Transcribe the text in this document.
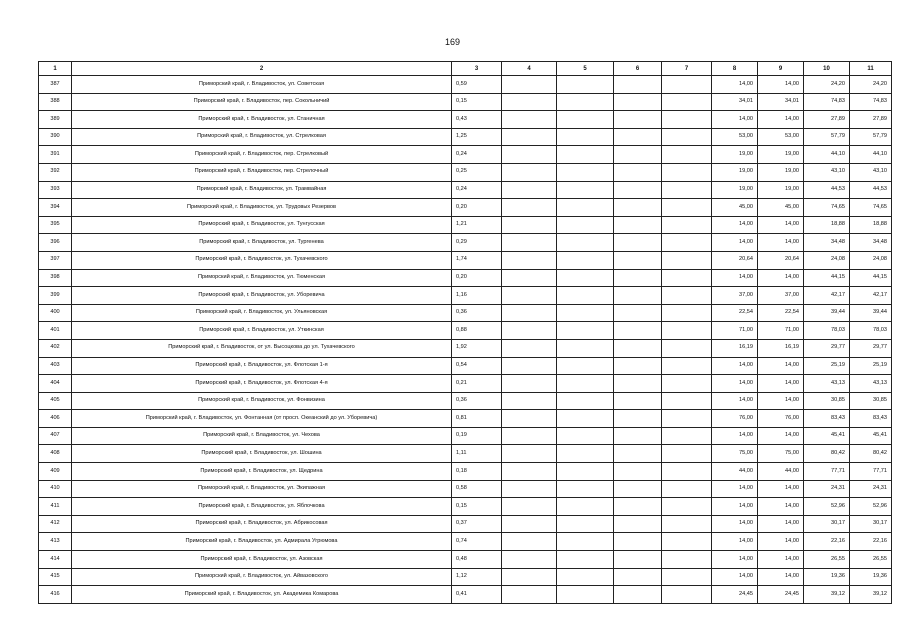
169
1	2	3	4	5	6	7	8	9	10	11
387	Приморский край, г. Владивосток, ул. Советская	0,59					14,00	14,00	24,20	24,20
388	Приморский край, г. Владивосток, пер. Сокольничий	0,15					34,01	34,01	74,83	74,83
389	Приморский край, г. Владивосток, ул. Станичная	0,43					14,00	14,00	27,89	27,89
390	Приморский край, г. Владивосток, ул. Стрелковая	1,25					53,00	53,00	57,79	57,79
391	Приморский край, г. Владивосток, пер. Стрелковый	0,24					19,00	19,00	44,10	44,10
392	Приморский край, г. Владивосток, пер. Стрелочный	0,25					19,00	19,00	43,10	43,10
393	Приморский край, г. Владивосток, ул. Трамвайная	0,24					19,00	19,00	44,53	44,53
394	Приморский край, г. Владивосток, ул. Трудовых Резервов	0,20					45,00	45,00	74,65	74,65
395	Приморский край, г. Владивосток, ул. Тунгусская	1,21					14,00	14,00	18,88	18,88
396	Приморский край, г. Владивосток, ул. Тургенева	0,29					14,00	14,00	34,48	34,48
397	Приморский край, г. Владивосток, ул. Тухачевского	1,74					20,64	20,64	24,08	24,08
398	Приморский край, г. Владивосток, ул. Тюменская	0,20					14,00	14,00	44,15	44,15
399	Приморский край, г. Владивосток, ул. Уборевича	1,16					37,00	37,00	42,17	42,17
400	Приморский край, г. Владивосток, ул. Ульяновская	0,36					22,54	22,54	39,44	39,44
401	Приморский край, г. Владивосток, ул. Уткинская	0,88					71,00	71,00	78,03	78,03
402	Приморский край, г. Владивосток, от ул. Высоцкова до ул. Тухачевского	1,92					16,19	16,19	29,77	29,77
403	Приморский край, г. Владивосток, ул. Флотская 1-я	0,54					14,00	14,00	25,19	25,19
404	Приморский край, г. Владивосток, ул. Флотская 4-я	0,21					14,00	14,00	43,13	43,13
405	Приморский край, г. Владивосток, ул. Фонвизина	0,36					14,00	14,00	30,85	30,85
406	Приморский край, г. Владивосток, ул. Фонтанная (от просп. Океанский до ул. Уборевича)	0,81					76,00	76,00	83,43	83,43
407	Приморский край, г. Владивосток, ул. Чехова	0,19					14,00	14,00	45,41	45,41
408	Приморский край, г. Владивосток, ул. Шошина	1,11					75,00	75,00	80,42	80,42
409	Приморский край, г. Владивосток, ул. Щедрина	0,18					44,00	44,00	77,71	77,71
410	Приморский край, г. Владивосток, ул. Экипажная	0,58					14,00	14,00	24,31	24,31
411	Приморский край, г. Владивосток, ул. Яблочкова	0,15					14,00	14,00	52,96	52,96
412	Приморский край, г. Владивосток, ул. Абрикосовая	0,37					14,00	14,00	30,17	30,17
413	Приморский край, г. Владивосток, ул. Адмирала Угрюмова	0,74					14,00	14,00	22,16	22,16
414	Приморский край, г. Владивосток, ул. Азовская	0,48					14,00	14,00	26,55	26,55
415	Приморский край, г. Владивосток, ул. Айвазовского	1,12					14,00	14,00	19,36	19,36
416	Приморский край, г. Владивосток, ул. Академика Комарова	0,41					24,45	24,45	39,12	39,12
